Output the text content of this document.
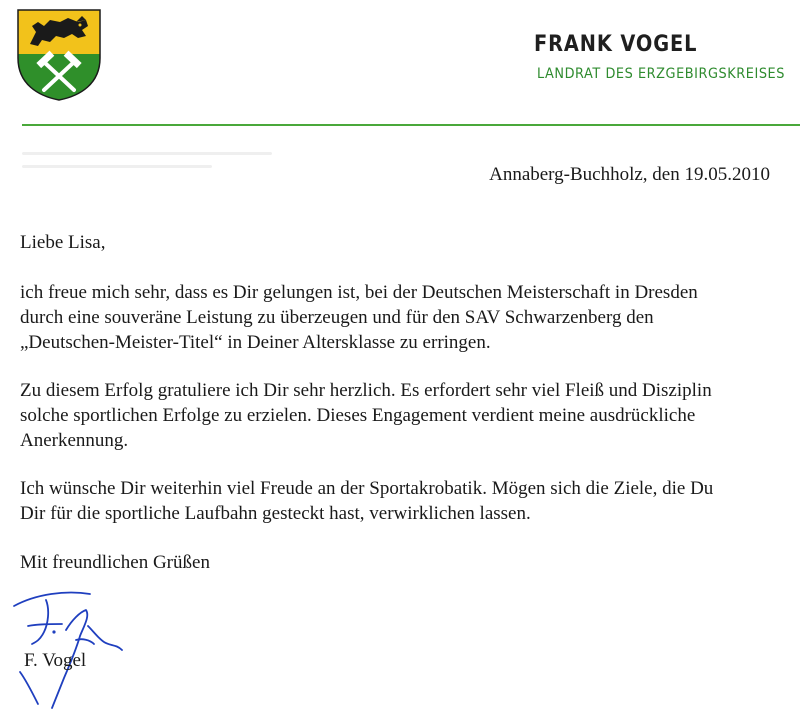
FRANK VOGEL
LANDRAT DES ERZGEBIRGSKREISES
Annaberg-Buchholz, den 19.05.2010

Liebe Lisa,

ich freue mich sehr, dass es Dir gelungen ist, bei der Deutschen Meisterschaft in Dresden
durch eine souveräne Leistung zu überzeugen und für den SAV Schwarzenberg den
„Deutschen-Meister-Titel“ in Deiner Altersklasse zu erringen.

Zu diesem Erfolg gratuliere ich Dir sehr herzlich. Es erfordert sehr viel Fleiß und Disziplin
solche sportlichen Erfolge zu erzielen. Dieses Engagement verdient meine ausdrückliche
Anerkennung.

Ich wünsche Dir weiterhin viel Freude an der Sportakrobatik. Mögen sich die Ziele, die Du
Dir für die sportliche Laufbahn gesteckt hast, verwirklichen lassen.

Mit freundlichen Grüßen
F. Vogel
